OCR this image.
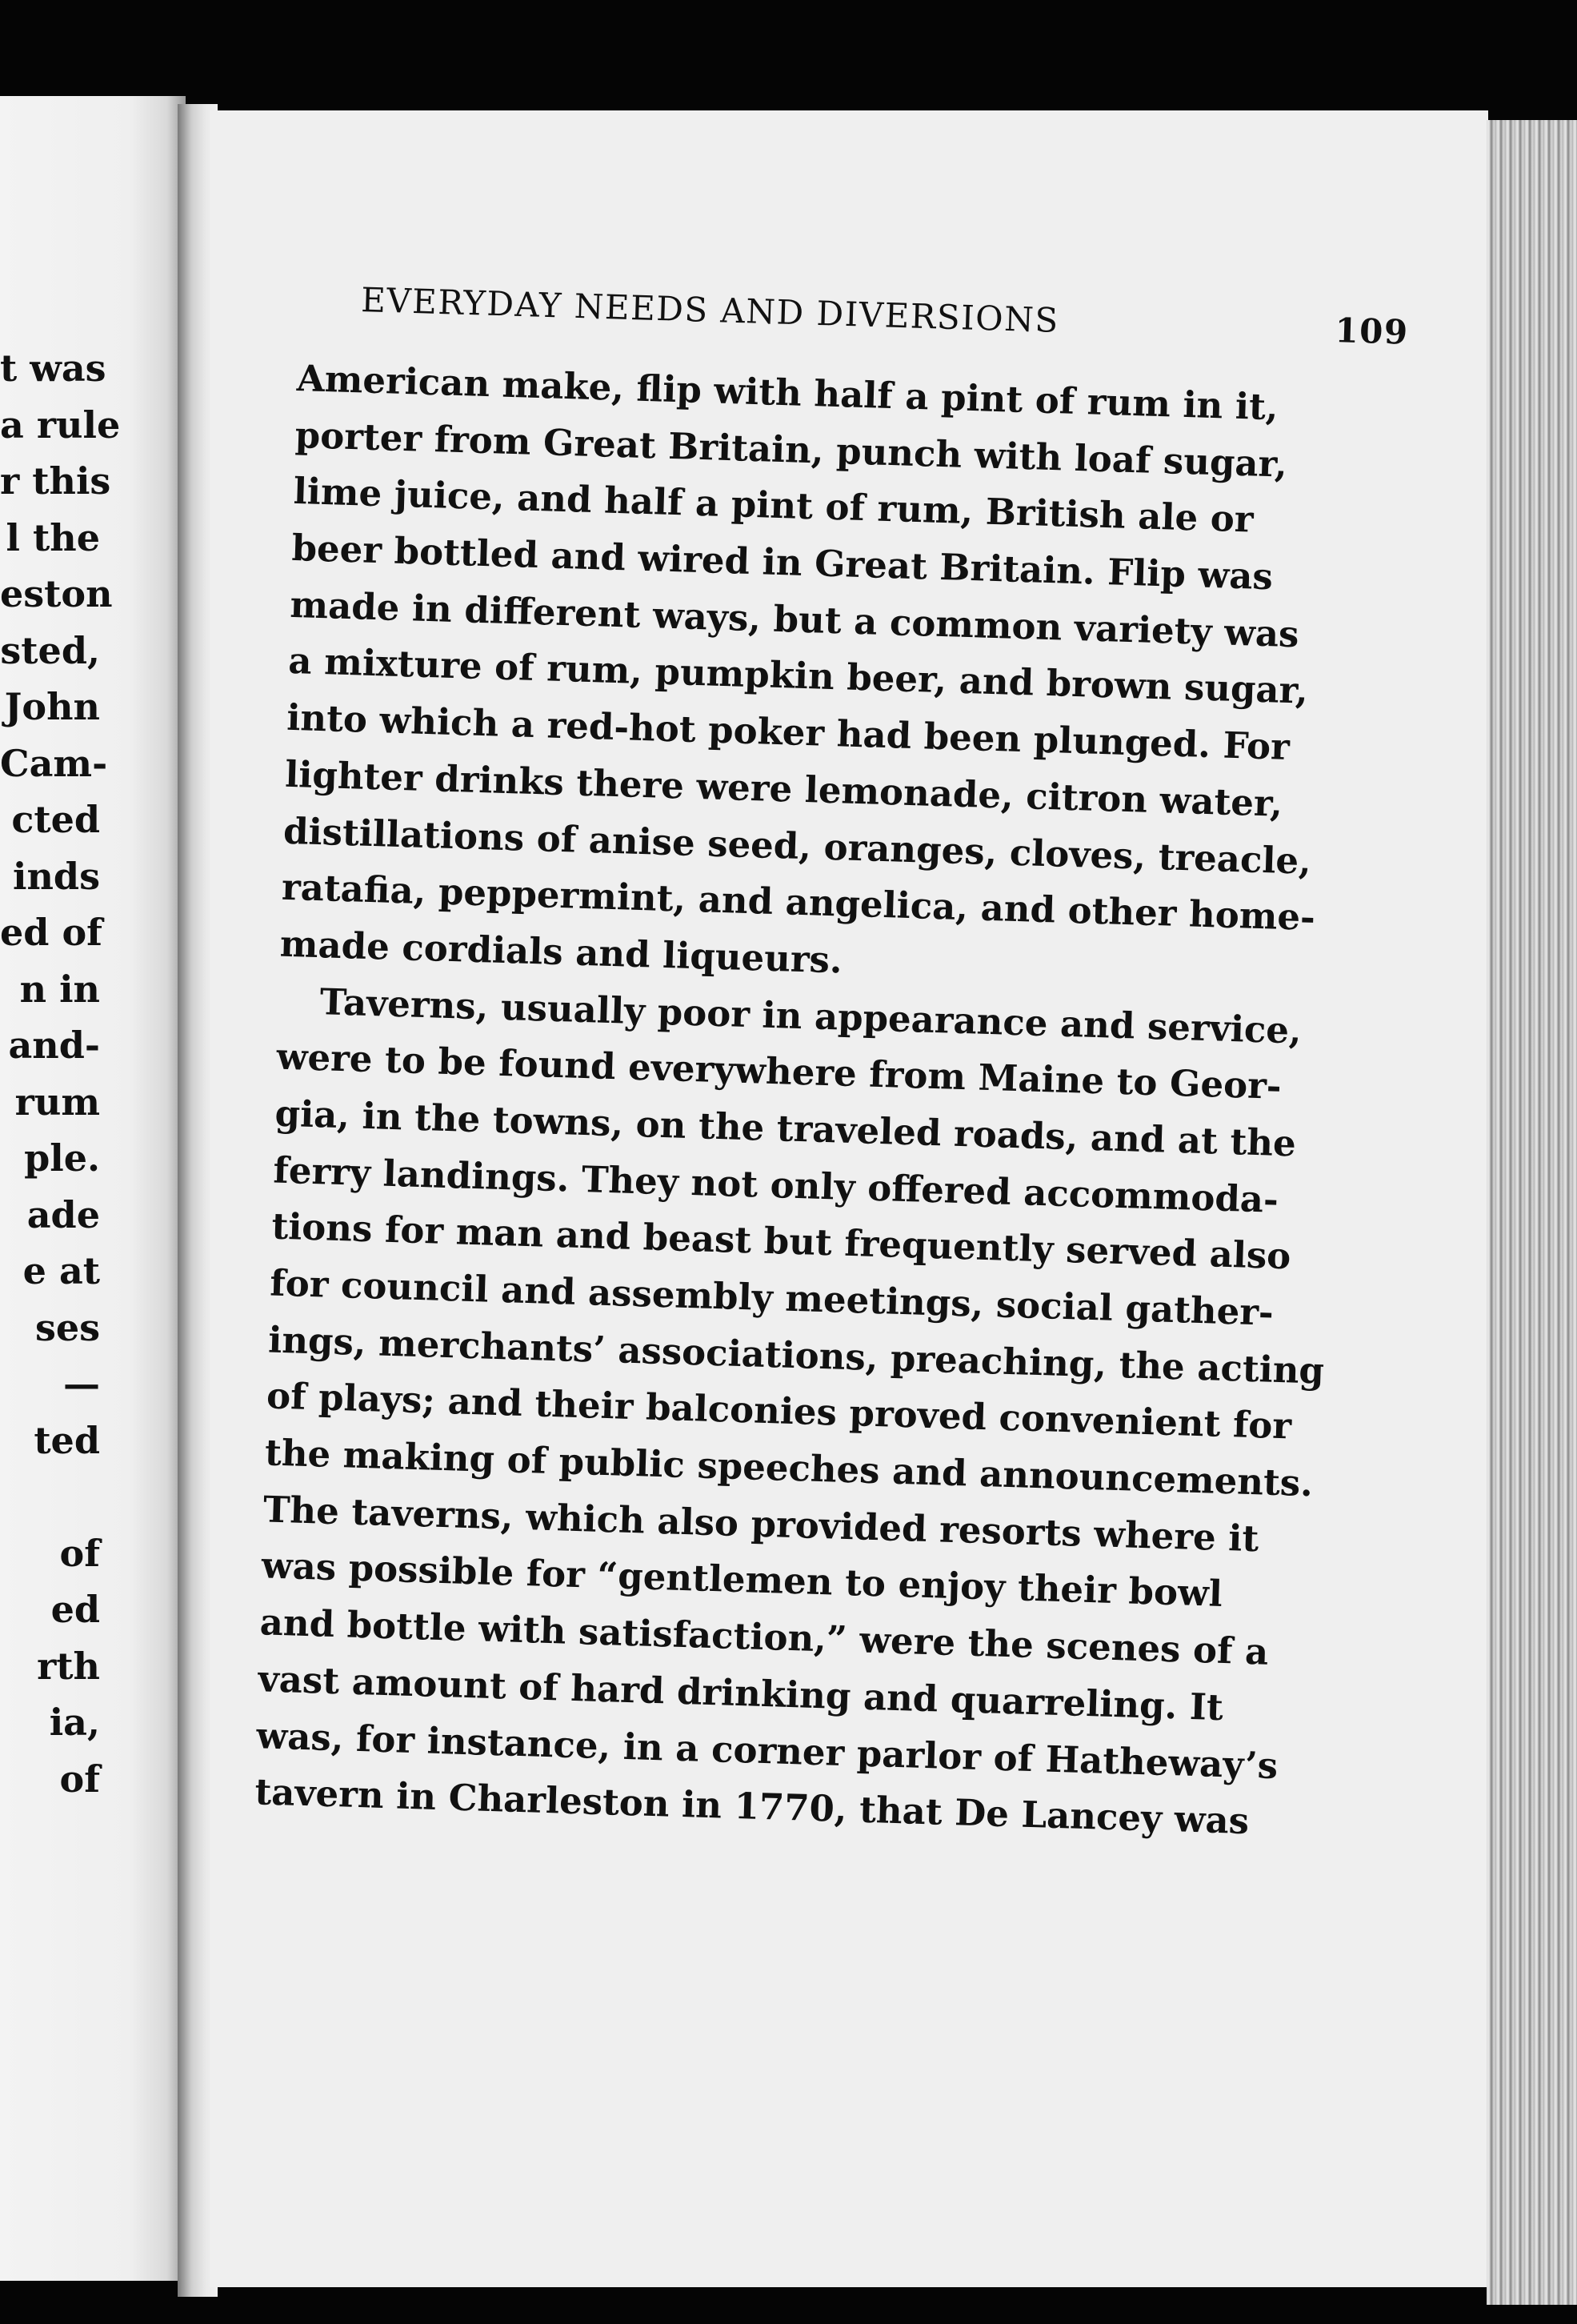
t was
a rule
r this
l the
eston
sted,
John
Cam-
cted
inds
ed of
n in
and-
rum
ple.
ade
e at
ses
—
ted
of
ed
rth
ia,
of
EVERYDAY NEEDS AND DIVERSIONS	109
American make, flip with half a pint of rum in it,
porter from Great Britain, punch with loaf sugar,
lime juice, and half a pint of rum, British ale or
beer bottled and wired in Great Britain. Flip was
made in different ways, but a common variety was
a mixture of rum, pumpkin beer, and brown sugar,
into which a red-hot poker had been plunged. For
lighter drinks there were lemonade, citron water,
distillations of anise seed, oranges, cloves, treacle,
ratafia, peppermint, and angelica, and other home-
made cordials and liqueurs.
Taverns, usually poor in appearance and service,
were to be found everywhere from Maine to Geor-
gia, in the towns, on the traveled roads, and at the
ferry landings. They not only offered accommoda-
tions for man and beast but frequently served also
for council and assembly meetings, social gather-
ings, merchants’ associations, preaching, the acting
of plays; and their balconies proved convenient for
the making of public speeches and announcements.
The taverns, which also provided resorts where it
was possible for “gentlemen to enjoy their bowl
and bottle with satisfaction,” were the scenes of a
vast amount of hard drinking and quarreling. It
was, for instance, in a corner parlor of Hatheway’s
tavern in Charleston in 1770, that De Lancey was
